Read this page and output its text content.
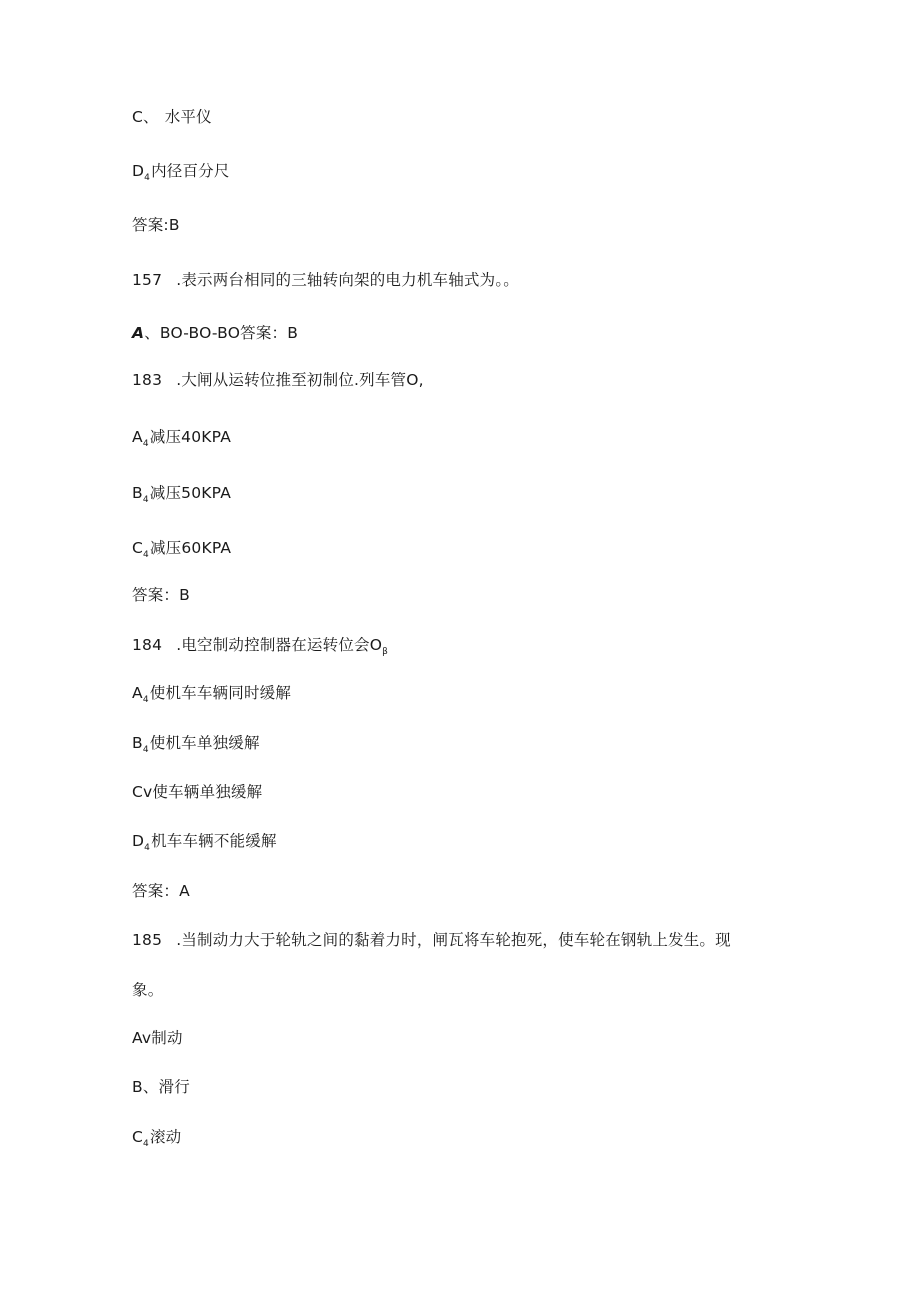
C、 水平仪
$D_4$内径百分尺
答案:B
157 .表示两台相同的三轴转向架的电力机车轴式为。。
A、BO-BO-BO答案：B
183 .大闸从运转位推至初制位.列车管O,
$A_4$减压40KPA
$B_4$减压50KPA
$C_4$减压60KPA
答案：B
184 .电空制动控制器在运转位会$O_\beta$
$A_4$使机车车辆同时缓解
$B_4$使机车单独缓解
Cv使车辆单独缓解
$D_4$机车车辆不能缓解
答案：A
185 .当制动力大于轮轨之间的黏着力时，闸瓦将车轮抱死，使车轮在钢轨上发生。现
象。
Av制动
B、滑行
$C_4$滚动
